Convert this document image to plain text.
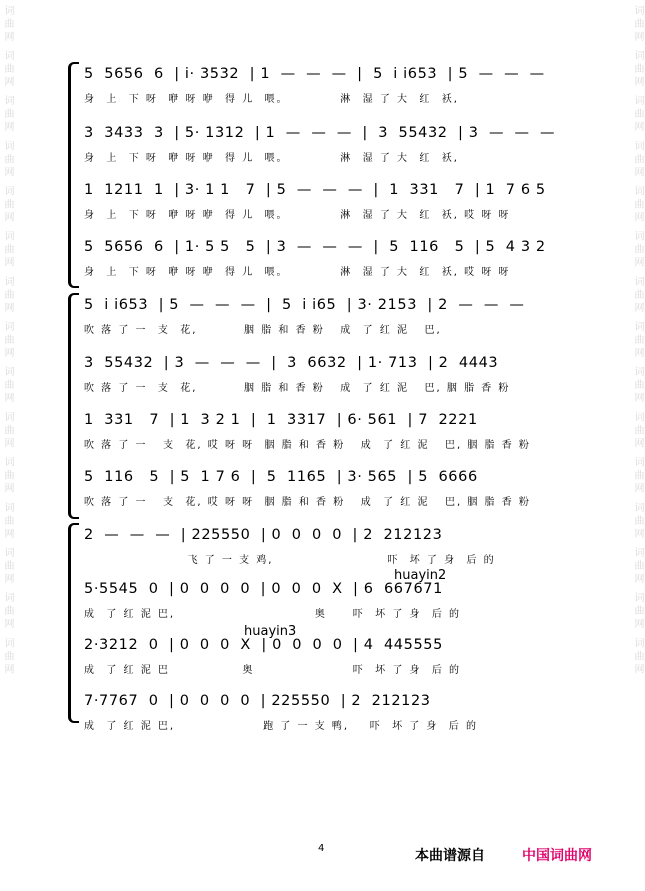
词曲网 词曲网 词曲网 词曲网 词曲网 词曲网 词曲网 词曲网 词曲网 词曲网 词曲网 词曲网 词曲网 词曲网 词曲网	词曲网 词曲网 词曲网 词曲网 词曲网 词曲网 词曲网 词曲网 词曲网 词曲网 词曲网 词曲网 词曲网 词曲网 词曲网
5  5656  6  | i· 3532  | 1  —  —  —  |  5  i i653  | 5  —  —  —
身  上  下 呀  咿 呀 咿  得 儿  喂。          淋  湿 了 大  红  袄,
3  3433  3  | 5· 1312  | 1  —  —  —  |  3  55432  | 3  —  —  —
身  上  下 呀  咿 呀 咿  得 儿  喂。          淋  湿 了 大  红  袄,
1  1211  1  | 3· 1 1   7  | 5  —  —  —  |  1  331   7  | 1  7 6 5
身  上  下 呀  咿 呀 咿  得 儿  喂。          淋  湿 了 大  红  袄, 哎 呀 呀
5  5656  6  | 1· 5 5   5  | 3  —  —  —  |  5  116   5  | 5  4 3 2
身  上  下 呀  咿 呀 咿  得 儿  喂。          淋  湿 了 大  红  袄, 哎 呀 呀
5  i i653  | 5  —  —  —  |  5  i i65  | 3· 2153  | 2  —  —  —
吹 落 了 一  支  花,         胭 脂 和 香 粉   成  了 红 泥   巴,
3  55432  | 3  —  —  —  |  3  6632  | 1· 713  | 2  4443
吹 落 了 一  支  花,         胭 脂 和 香 粉   成  了 红 泥   巴, 胭 脂 香 粉
1  331   7  | 1  3 2 1  |  1  3317  | 6· 561  | 7  2221
吹 落 了 一   支  花, 哎 呀 呀  胭 脂 和 香 粉   成  了 红 泥   巴, 胭 脂 香 粉
5  116   5  | 5  1 7 6  |  5  1165  | 3· 565  | 5  6666
吹 落 了 一   支  花, 哎 呀 呀  胭 脂 和 香 粉   成  了 红 泥   巴, 胭 脂 香 粉
2  —  —  —  | 225550  | 0  0  0  0  | 2  212123
飞 了 一 支 鸡,                      吓  坏 了 身  后 的
5·5545  0  | 0  0  0  0  | 0  0  0  X  | 6  667671
成  了 红 泥 巴,                           奥     吓  坏 了 身  后 的
2·3212  0  | 0  0  0  X  | 0  0  0  0  | 4  445555
成  了 红 泥 巴              奥                   吓  坏 了 身  后 的
7·7767  0  | 0  0  0  0  | 225550  | 2  212123
成  了 红 泥 巴,                 跑 了 一 支 鸭,    吓  坏 了 身  后 的
huayin2
huayin3
4	本曲谱源自	中国词曲网
